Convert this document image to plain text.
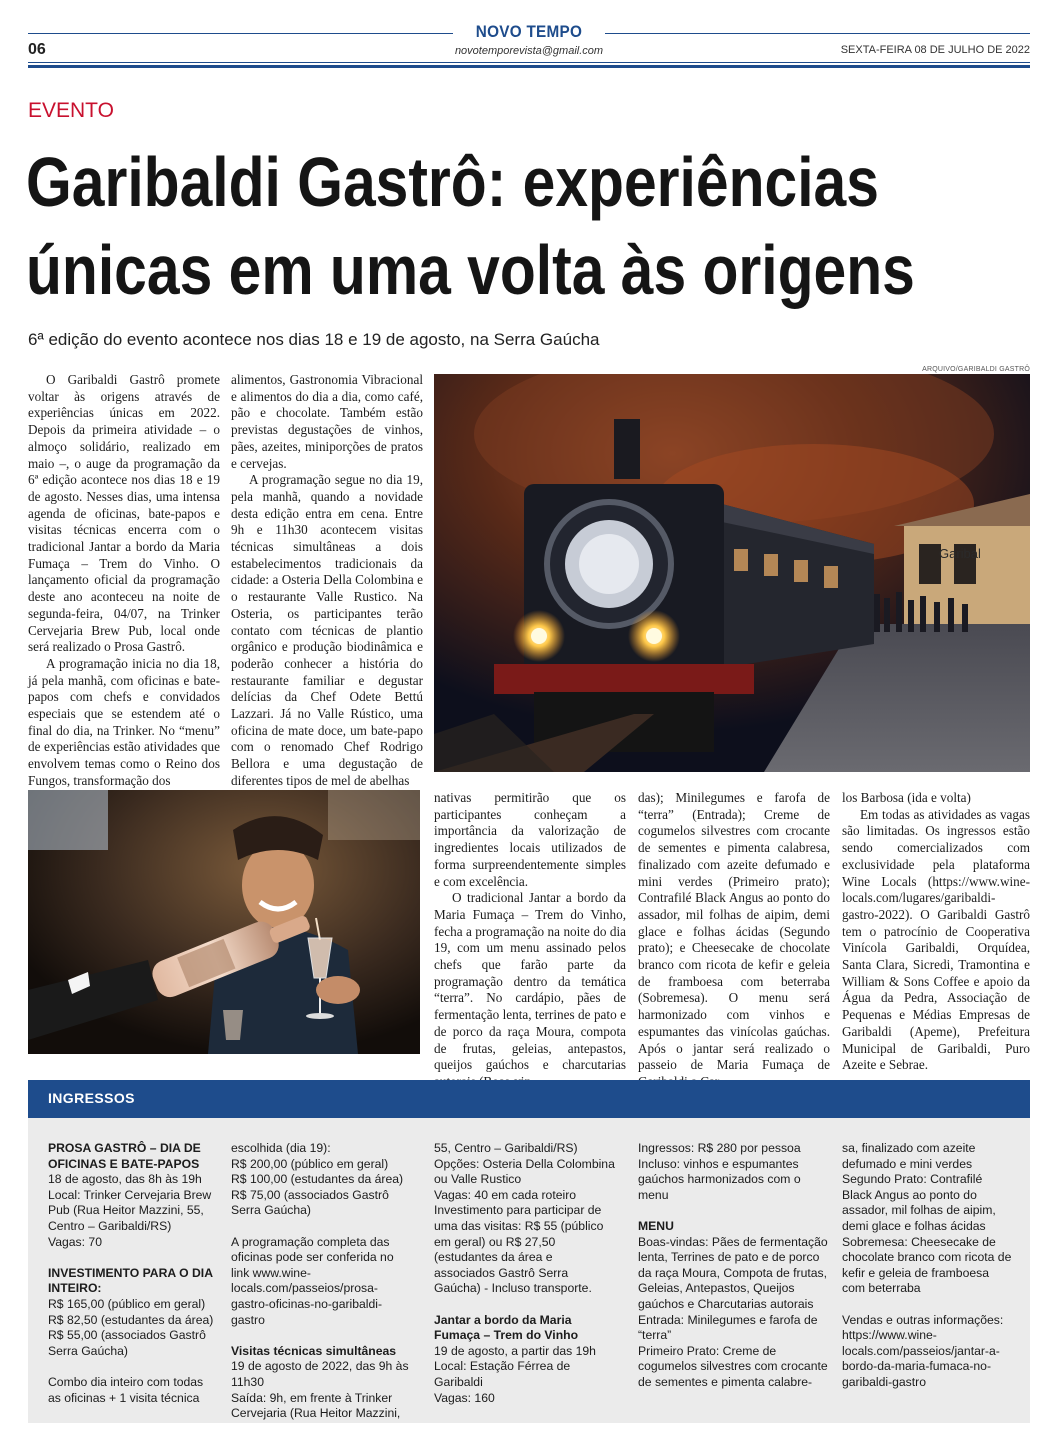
NOVO TEMPO
novotemporevista@gmail.com
06	SEXTA-FEIRA 08 DE JULHO DE 2022
EVENTO
Garibaldi Gastrô: experiências
únicas em uma volta às origens
6ª edição do evento acontece nos dias 18 e 19 de agosto, na Serra Gaúcha

O Garibaldi Gastrô promete voltar às origens através de experiências únicas em 2022. Depois da primeira atividade – o almoço solidário, realizado em maio –, o auge da programação da 6ª edição acontece nos dias 18 e 19 de agosto. Nesses dias, uma intensa agenda de oficinas, bate-papos e visitas técnicas encerra com o tradicional Jantar a bordo da Maria Fumaça – Trem do Vinho. O lançamento oficial da programação deste ano aconteceu na noite de segunda-feira, 04/07, na Trinker Cervejaria Brew Pub, local onde será realizado o Prosa Gastrô.

A programação inicia no dia 18, já pela manhã, com oficinas e bate-papos com chefs e convidados especiais que se estendem até o final do dia, na Trinker. No “menu” de experiências estão atividades que envolvem temas como o Reino dos Fungos, transformação dos

alimentos, Gastronomia Vibracional e alimentos do dia a dia, como café, pão e chocolate. Também estão previstas degustações de vinhos, pães, azeites, miniporções de pratos e cervejas.

A programação segue no dia 19, pela manhã, quando a novidade desta edição entra em cena. Entre 9h e 11h30 acontecem visitas técnicas simultâneas a dois estabelecimentos tradicionais da cidade: a Osteria Della Colombina e o restaurante Valle Rustico. Na Osteria, os participantes terão contato com técnicas de plantio orgânico e produção biodinâmica e poderão conhecer a história do restaurante familiar e degustar delícias da Chef Odete Bettú Lazzari. Já no Valle Rústico, uma oficina de mate doce, um bate-papo com o renomado Chef Rodrigo Bellora e uma degustação de diferentes tipos de mel de abelhas

ARQUIVO/GARIBALDI GASTRÔ
Garibal

nativas permitirão que os participantes conheçam a importância da valorização de ingredientes locais utilizados de forma surpreendentemente simples e com excelência.

O tradicional Jantar a bordo da Maria Fumaça – Trem do Vinho, fecha a programação na noite do dia 19, com um menu assinado pelos chefs que farão parte da programação dentro da temática “terra”. No cardápio, pães de fermentação lenta, terrines de pato e de porco da raça Moura, compota de frutas, geleias, antepastos, queijos gaúchos e charcutarias

das); Minilegumes e farofa de “terra” (Entrada); Creme de cogumelos silvestres com crocante de sementes e pimenta calabresa, finalizado com azeite defumado e mini verdes (Primeiro prato); Contrafilé Black Angus ao ponto do assador, mil folhas de aipim, demi glace e folhas ácidas (Segundo prato); e Cheesecake de chocolate branco com ricota de kefir e geleia de framboesa com beterraba (Sobremesa). O menu será harmonizado com vinhos e espumantes das vinícolas gaúchas. Após o jantar será realizado o passeio de Maria Fumaça de

los Barbosa (ida e volta)

Em todas as atividades as vagas são limitadas. Os ingressos estão sendo comercializados com exclusividade pela plataforma Wine Locals (https://www.wine-locals.com/lugares/garibaldi-gastro-2022). O Garibaldi Gastrô tem o patrocínio de Cooperativa Vinícola Garibaldi, Orquídea, Santa Clara, Sicredi, Tramontina e William & Sons Coffee e apoio da Água da Pedra, Associação de Pequenas e Médias Empresas de Garibaldi (Apeme), Prefeitura Municipal de Garibaldi, Puro Azeite e Sebrae.

INGRESSOS
PROSA GASTRÔ – DIA DE OFICINAS E BATE-PAPOS
18 de agosto, das 8h às 19h
Local: Trinker Cervejaria Brew Pub (Rua Heitor Mazzini, 55, Centro – Garibaldi/RS)
Vagas: 70
INVESTIMENTO PARA O DIA INTEIRO:
R$ 165,00 (público em geral)
R$ 82,50 (estudantes da área)
R$ 55,00 (associados Gastrô Serra Gaúcha)
Combo dia inteiro com todas as oficinas + 1 visita técnica
escolhida (dia 19):
R$ 200,00 (público em geral)
R$ 100,00 (estudantes da área)
R$ 75,00 (associados Gastrô Serra Gaúcha)
A programação completa das oficinas pode ser conferida no link www.wine-locals.com/passeios/prosa-gastro-oficinas-no-garibaldi-gastro
Visitas técnicas simultâneas
19 de agosto de 2022, das 9h às 11h30
Saída: 9h, em frente à Trinker Cervejaria (Rua Heitor Mazzini,
55, Centro – Garibaldi/RS)
Opções: Osteria Della Colombina ou Valle Rustico
Vagas: 40 em cada roteiro
Investimento para participar de uma das visitas: R$ 55 (público em geral) ou R$ 27,50 (estudantes da área e associados Gastrô Serra Gaúcha) - Incluso transporte.
Jantar a bordo da Maria Fumaça – Trem do Vinho
19 de agosto, a partir das 19h
Local: Estação Férrea de Garibaldi
Vagas: 160
Ingressos: R$ 280 por pessoa
Incluso: vinhos e espumantes gaúchos harmonizados com o menu
MENU
Boas-vindas: Pães de fermentação lenta, Terrines de pato e de porco da raça Moura, Compota de frutas, Geleias, Antepastos, Queijos gaúchos e Charcutarias autorais
Entrada: Minilegumes e farofa de “terra”
Primeiro Prato: Creme de cogumelos silvestres com crocante de sementes e pimenta calabre-
sa, finalizado com azeite defumado e mini verdes
Segundo Prato: Contrafilé Black Angus ao ponto do assador, mil folhas de aipim, demi glace e folhas ácidas
Sobremesa: Cheesecake de chocolate branco com ricota de kefir e geleia de framboesa com beterraba
Vendas e outras informações: https://www.wine-locals.com/passeios/jantar-a-bordo-da-maria-fumaca-no-garibaldi-gastro
